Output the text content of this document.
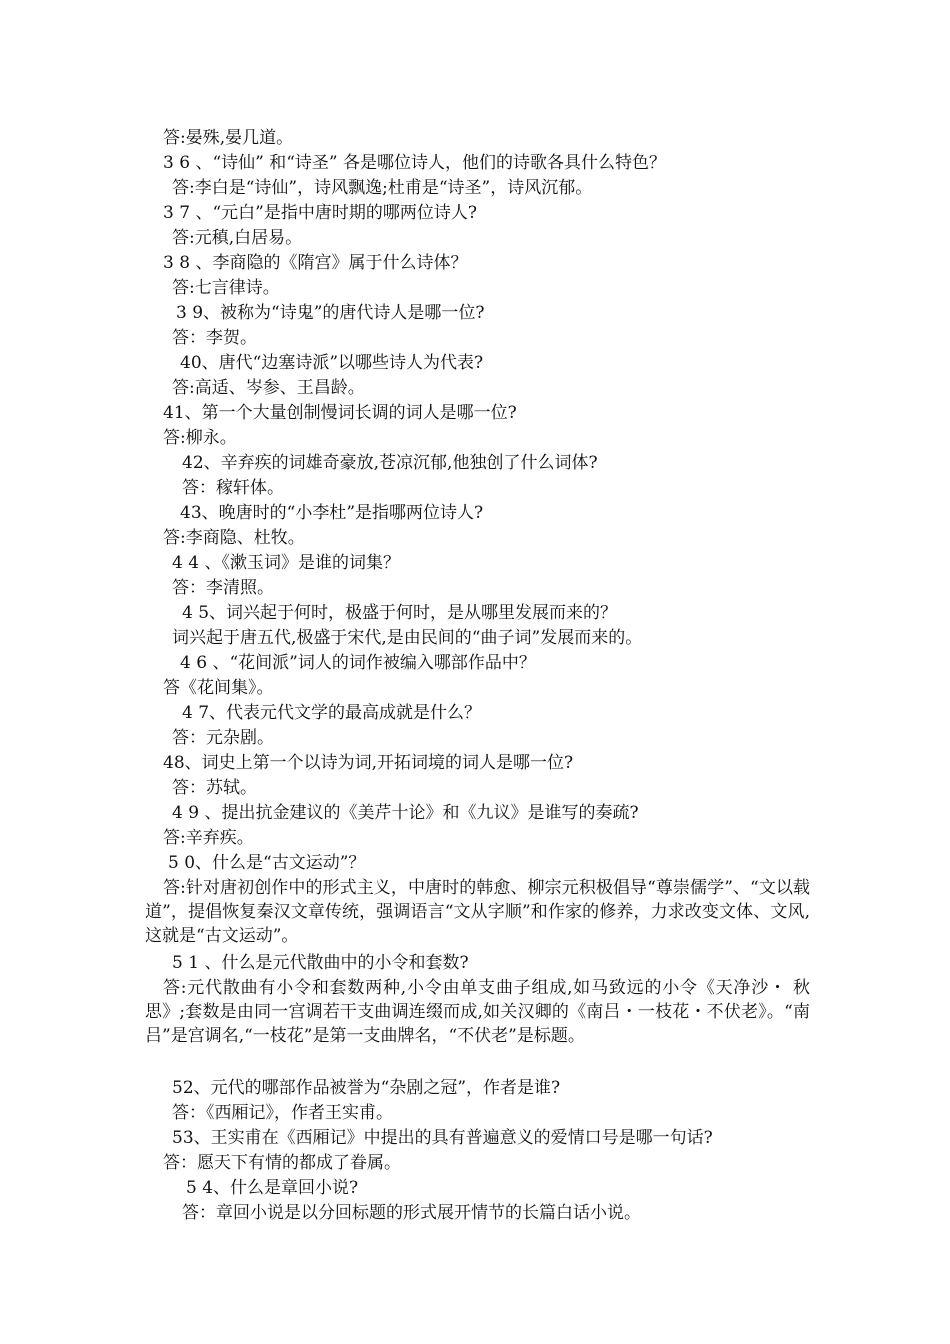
答:晏殊,晏几道。
3 6 、“诗仙” 和“诗圣” 各是哪位诗人，他们的诗歌各具什么特色？
答:李白是“诗仙”，诗风飘逸;杜甫是“诗圣”，诗风沉郁。
3 7 、“元白”是指中唐时期的哪两位诗人?
答:元稹,白居易。
3 8 、李商隐的《隋宫》属于什么诗体？
答:七言律诗。
3 9、被称为“诗鬼”的唐代诗人是哪一位?
答：李贺。
40、唐代“边塞诗派”以哪些诗人为代表?
答:高适、岑参、王昌龄。
41、第一个大量创制慢词长调的词人是哪一位?
答:柳永。
42、辛弃疾的词雄奇豪放,苍凉沉郁,他独创了什么词体?
答：稼轩体。
43、晚唐时的“小李杜”是指哪两位诗人?
答:李商隐、杜牧。
4 4 、《漱玉词》是谁的词集？
答：李清照。
4 5、词兴起于何时，极盛于何时，是从哪里发展而来的？
词兴起于唐五代,极盛于宋代,是由民间的“曲子词”发展而来的。
4 6 、“花间派”词人的词作被编入哪部作品中？
答《花间集》。
4 7、代表元代文学的最高成就是什么？
答：元杂剧。
48、词史上第一个以诗为词,开拓词境的词人是哪一位?
答：苏轼。
4 9 、提出抗金建议的《美芹十论》和《九议》是谁写的奏疏?
答:辛弃疾。
5 0、什么是“古文运动”？
答:针对唐初创作中的形式主义，中唐时的韩愈、柳宗元积极倡导“尊崇儒学”、“文以载道”，提倡恢复秦汉文章传统，强调语言“文从字顺”和作家的修养，力求改变文体、文风,这就是“古文运动”。
5 1 、什么是元代散曲中的小令和套数?
答:元代散曲有小令和套数两种,小令由单支曲子组成,如马致远的小令《天净沙・ 秋思》;套数是由同一宫调若干支曲调连缀而成,如关汉卿的《南吕・一枝花・不伏老》。“南吕”是宫调名,“一枝花”是第一支曲牌名，“不伏老”是标题。
52、元代的哪部作品被誉为“杂剧之冠”，作者是谁?
答：《西厢记》，作者王实甫。
53、王实甫在《西厢记》中提出的具有普遍意义的爱情口号是哪一句话?
答：愿天下有情的都成了眷属。
5 4、什么是章回小说?
答：章回小说是以分回标题的形式展开情节的长篇白话小说。
